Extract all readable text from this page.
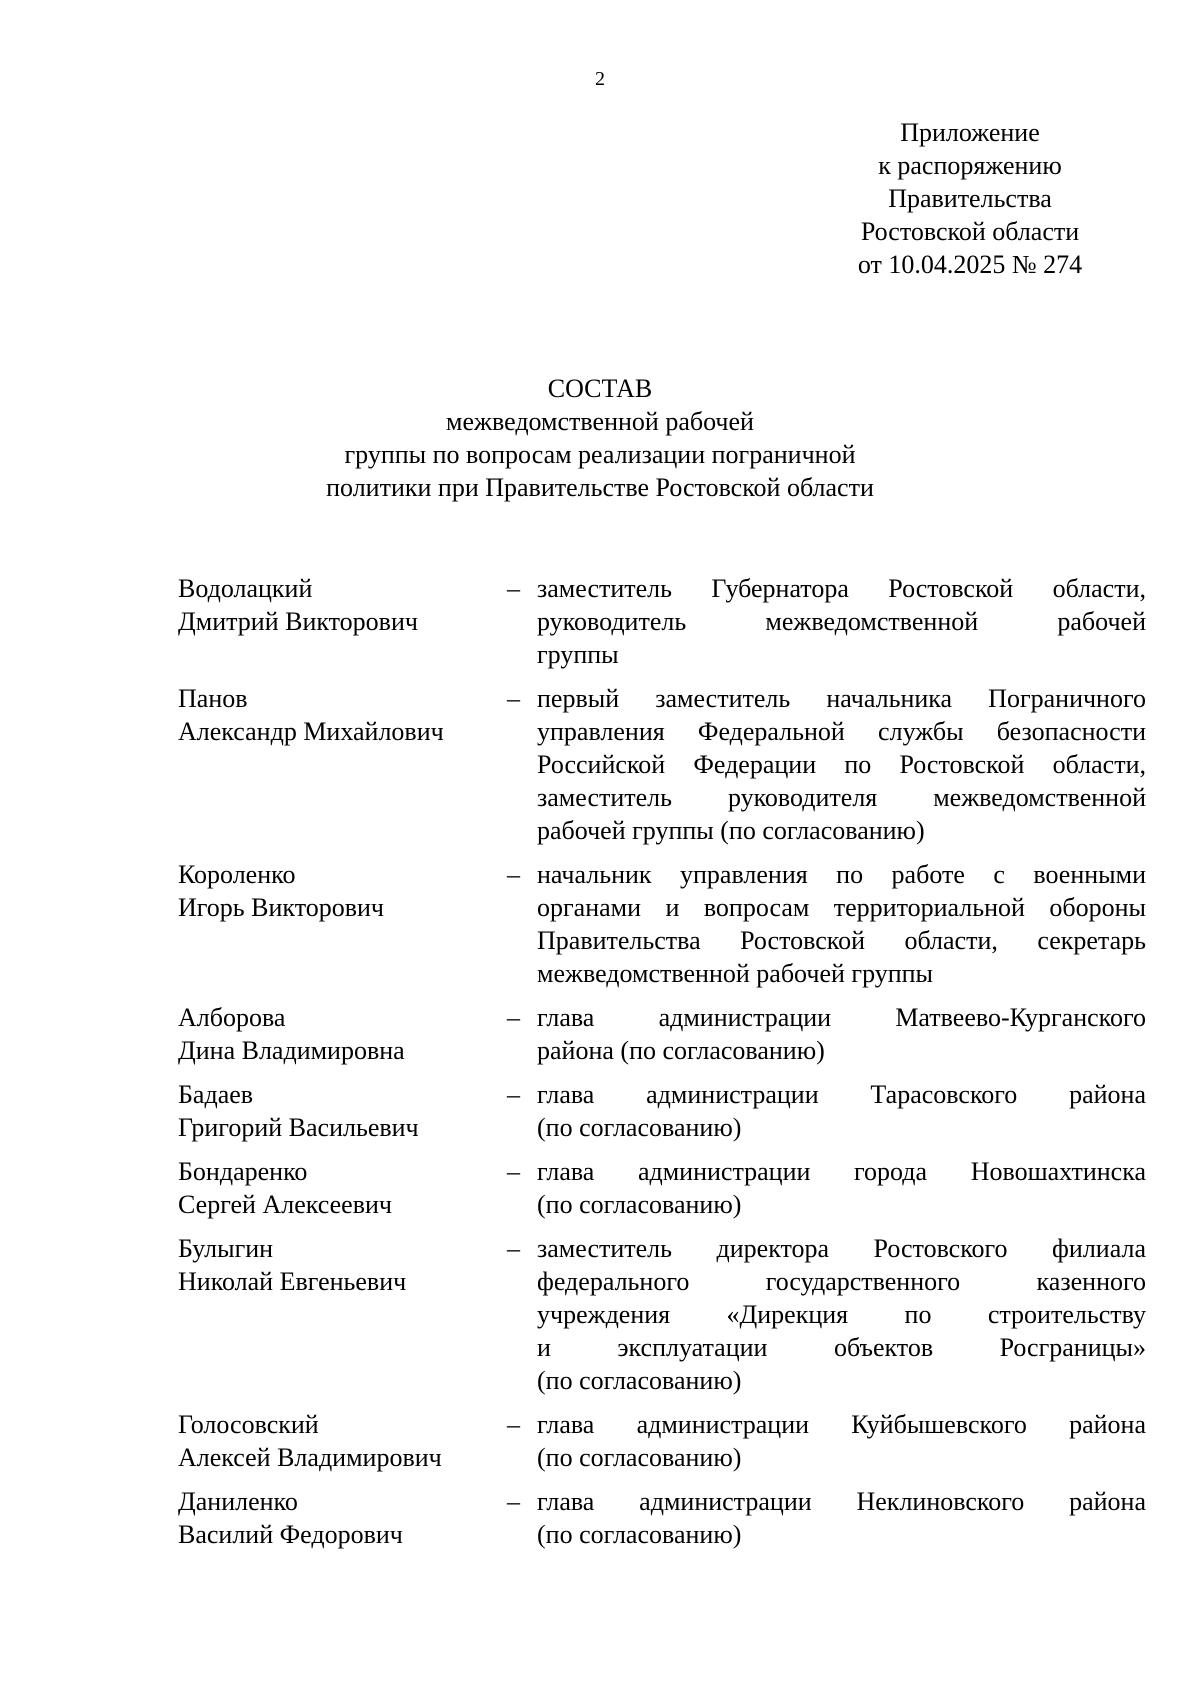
2
Приложение
к распоряжению
Правительства
Ростовской области
от 10.04.2025 № 274
СОСТАВ
межведомственной рабочей
группы по вопросам реализации пограничной
политики при Правительстве Ростовской области
Водолацкий
Дмитрий Викторович
– заместитель Губернатора Ростовской области,
руководитель межведомственной рабочей
группы
Панов
Александр Михайлович
– первый заместитель начальника Пограничного
управления Федеральной службы безопасности
Российской Федерации по Ростовской области,
заместитель руководителя межведомственной
рабочей группы (по согласованию)
Короленко
Игорь Викторович
– начальник управления по работе с военными
органами и вопросам территориальной обороны
Правительства Ростовской области, секретарь
межведомственной рабочей группы
Алборова
Дина Владимировна
– глава администрации Матвеево-Курганского
района (по согласованию)
Бадаев
Григорий Васильевич
– глава администрации Тарасовского района
(по согласованию)
Бондаренко
Сергей Алексеевич
– глава администрации города Новошахтинска
(по согласованию)
Булыгин
Николай Евгеньевич
– заместитель директора Ростовского филиала
федерального государственного казенного
учреждения «Дирекция по строительству
и эксплуатации объектов Росграницы»
(по согласованию)
Голосовский
Алексей Владимирович
– глава администрации Куйбышевского района
(по согласованию)
Даниленко
Василий Федорович
– глава администрации Неклиновского района
(по согласованию)
